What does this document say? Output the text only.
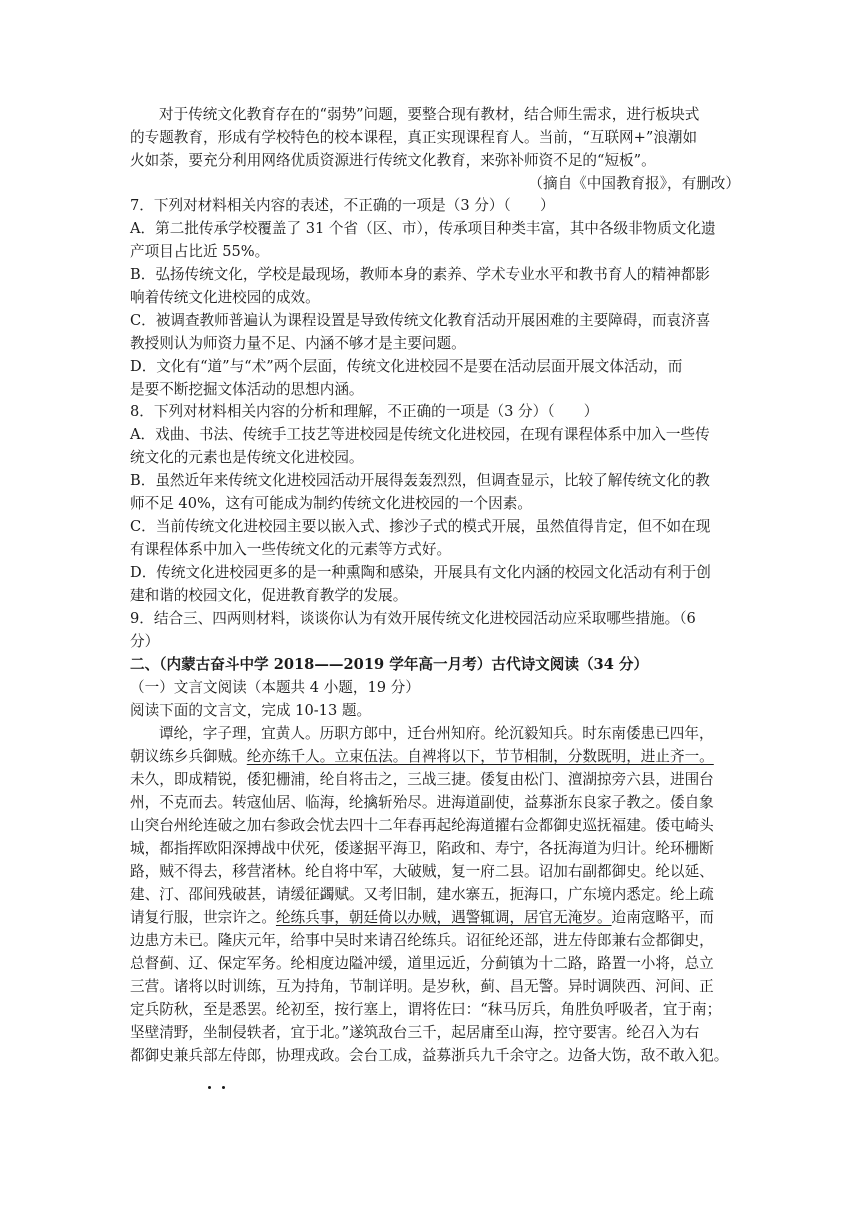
对于传统文化教育存在的“弱势”问题，要整合现有教材，结合师生需求，进行板块式
的专题教育，形成有学校特色的校本课程，真正实现课程育人。当前，“互联网+”浪潮如
火如荼，要充分利用网络优质资源进行传统文化教育，来弥补师资不足的“短板”。
（摘自《中国教育报》，有删改）
7．下列对材料相关内容的表述，不正确的一项是（3 分）（　　）
A．第二批传承学校覆盖了 31 个省（区、市），传承项目种类丰富，其中各级非物质文化遗
产项目占比近 55%。
B．弘扬传统文化，学校是最现场，教师本身的素养、学术专业水平和教书育人的精神都影
响着传统文化进校园的成效。
C．被调查教师普遍认为课程设置是导致传统文化教育活动开展困难的主要障碍，而袁济喜
教授则认为师资力量不足、内涵不够才是主要问题。
D．文化有“道”与“术”两个层面，传统文化进校园不是要在活动层面开展文体活动，而
是要不断挖掘文体活动的思想内涵。
8．下列对材料相关内容的分析和理解，不正确的一项是（3 分）（　　）
A．戏曲、书法、传统手工技艺等进校园是传统文化进校园，在现有课程体系中加入一些传
统文化的元素也是传统文化进校园。
B．虽然近年来传统文化进校园活动开展得轰轰烈烈，但调查显示，比较了解传统文化的教
师不足 40%，这有可能成为制约传统文化进校园的一个因素。
C．当前传统文化进校园主要以嵌入式、掺沙子式的模式开展，虽然值得肯定，但不如在现
有课程体系中加入一些传统文化的元素等方式好。
D．传统文化进校园更多的是一种熏陶和感染，开展具有文化内涵的校园文化活动有利于创
建和谐的校园文化，促进教育教学的发展。
9．结合三、四两则材料，谈谈你认为有效开展传统文化进校园活动应采取哪些措施。（6
分）
二、（内蒙古奋斗中学 2018——2019 学年高一月考）古代诗文阅读（34 分）
（一）文言文阅读（本题共 4 小题，19 分）
阅读下面的文言文，完成 10-13 题。
谭纶，字子理，宜黄人。历职方郎中，迁台州知府。纶沉毅知兵。时东南倭患已四年，
朝议练乡兵御贼。纶亦练千人。立束伍法。自裨将以下，节节相制，分数既明，进止齐一。
未久，即成精锐，倭犯栅浦，纶自将击之，三战三捷。倭复由松门、澶湖掠旁六县，进围台
州，不克而去。转寇仙居、临海，纶擒斩殆尽。进海道副使，益募浙东良家子教之。倭自象
山突台州纶连破之加右参政会忧去四十二年春再起纶海道擢右佥都御史巡抚福建。倭屯崎头
城，都指挥欧阳深搏战中伏死，倭遂据平海卫，陷政和、寿宁，各抚海道为归计。纶环栅断
路，贼不得去，移营渚林。纶自将中军，大破贼，复一府二县。诏加右副都御史。纶以延、
建、汀、邵间残破甚，请缓征蠲赋。又考旧制，建水寨五，扼海口，广东境内悉定。纶上疏
请复行服，世宗许之。纶练兵事，朝廷倚以办贼，遇警辄调，居官无淹岁。迨南寇略平，而
边患方未已。隆庆元年，给事中吴时来请召纶练兵。诏征纶还部，进左侍郎兼右佥都御史，
总督蓟、辽、保定军务。纶相度边隘冲缓，道里远近，分蓟镇为十二路，路置一小将，总立
三营。诸将以时训练，互为持角，节制详明。是岁秋，蓟、昌无警。异时调陕西、河间、正
定兵防秋，至是悉罢。纶初至，按行塞上，谓将佐曰：“秣马厉兵，角胜负呼吸者，宜于南；
坚壁清野，坐制侵轶者，宜于北。”遂筑敌台三千，起居庸至山海，控守要害。纶召入为右
都御史兼兵部左侍郎，协理戎政。会台工成，益募浙兵九千余守之。边备大饬，敌不敢入犯。
